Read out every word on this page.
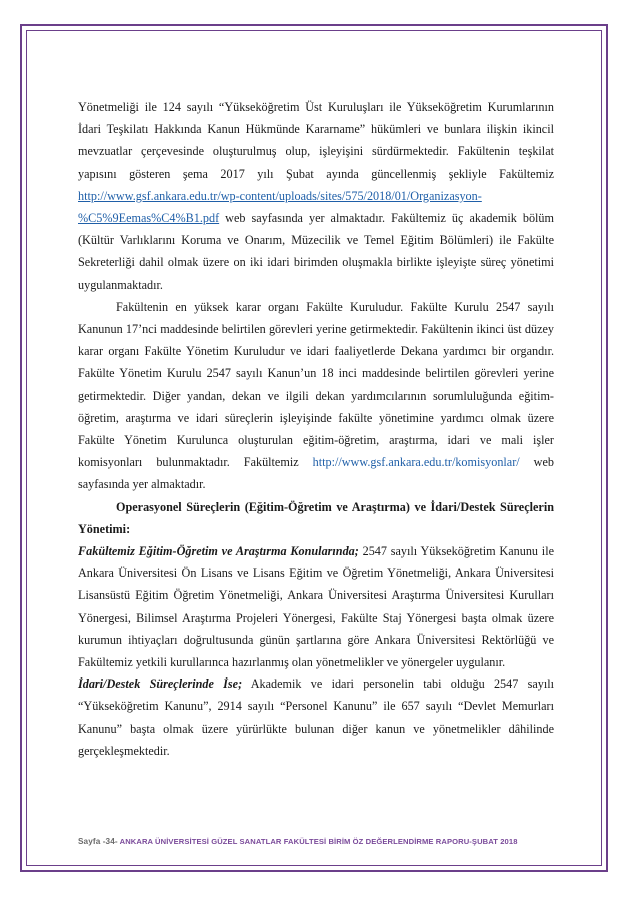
Yönetmeliği ile 124 sayılı “Yükseköğretim Üst Kuruluşları ile Yükseköğretim Kurumlarının İdari Teşkilatı Hakkında Kanun Hükmünde Kararname” hükümleri ve bunlara ilişkin ikincil mevzuatlar çerçevesinde oluşturulmuş olup, işleyişini sürdürmektedir. Fakültenin teşkilat yapısını gösteren şema 2017 yılı Şubat ayında güncellenmiş şekliyle Fakültemiz http://www.gsf.ankara.edu.tr/wp-content/uploads/sites/575/2018/01/Organizasyon-%C5%9Eemas%C4%B1.pdf web sayfasında yer almaktadır. Fakültemiz üç akademik bölüm (Kültür Varlıklarını Koruma ve Onarım, Müzecilik ve Temel Eğitim Bölümleri) ile Fakülte Sekreterliği dahil olmak üzere on iki idari birimden oluşmakla birlikte işleyişte süreç yönetimi uygulanmaktadır.

Fakültenin en yüksek karar organı Fakülte Kuruludur. Fakülte Kurulu 2547 sayılı Kanunun 17’nci maddesinde belirtilen görevleri yerine getirmektedir. Fakültenin ikinci üst düzey karar organı Fakülte Yönetim Kuruludur ve idari faaliyetlerde Dekana yardımcı bir organdır. Fakülte Yönetim Kurulu 2547 sayılı Kanun’un 18 inci maddesinde belirtilen görevleri yerine getirmektedir. Diğer yandan, dekan ve ilgili dekan yardımcılarının sorumluluğunda eğitim-öğretim, araştırma ve idari süreçlerin işleyişinde fakülte yönetimine yardımcı olmak üzere Fakülte Yönetim Kurulunca oluşturulan eğitim-öğretim, araştırma, idari ve mali işler komisyonları bulunmaktadır. Fakültemiz http://www.gsf.ankara.edu.tr/komisyonlar/ web sayfasında yer almaktadır.

Operasyonel Süreçlerin (Eğitim-Öğretim ve Araştırma) ve İdari/Destek Süreçlerin Yönetimi:

Fakültemiz Eğitim-Öğretim ve Araştırma Konularında; 2547 sayılı Yükseköğretim Kanunu ile Ankara Üniversitesi Ön Lisans ve Lisans Eğitim ve Öğretim Yönetmeliği, Ankara Üniversitesi Lisansüstü Eğitim Öğretim Yönetmeliği, Ankara Üniversitesi Araştırma Üniversitesi Kurulları Yönergesi, Bilimsel Araştırma Projeleri Yönergesi, Fakülte Staj Yönergesi başta olmak üzere kurumun ihtiyaçları doğrultusunda günün şartlarına göre Ankara Üniversitesi Rektörlüğü ve Fakültemiz yetkili kurullarınca hazırlanmış olan yönetmelikler ve yönergeler uygulanır.

İdari/Destek Süreçlerinde İse; Akademik ve idari personelin tabi olduğu 2547 sayılı “Yükseköğretim Kanunu”, 2914 sayılı “Personel Kanunu” ile 657 sayılı “Devlet Memurları Kanunu” başta olmak üzere yürürlükte bulunan diğer kanun ve yönetmelikler dâhilinde gerçekleşmektedir.

Sayfa -34- ANKARA ÜNİVERSİTESİ GÜZEL SANATLAR FAKÜLTESİ BİRİM ÖZ DEĞERLENDİRME RAPORU-ŞUBAT 2018
